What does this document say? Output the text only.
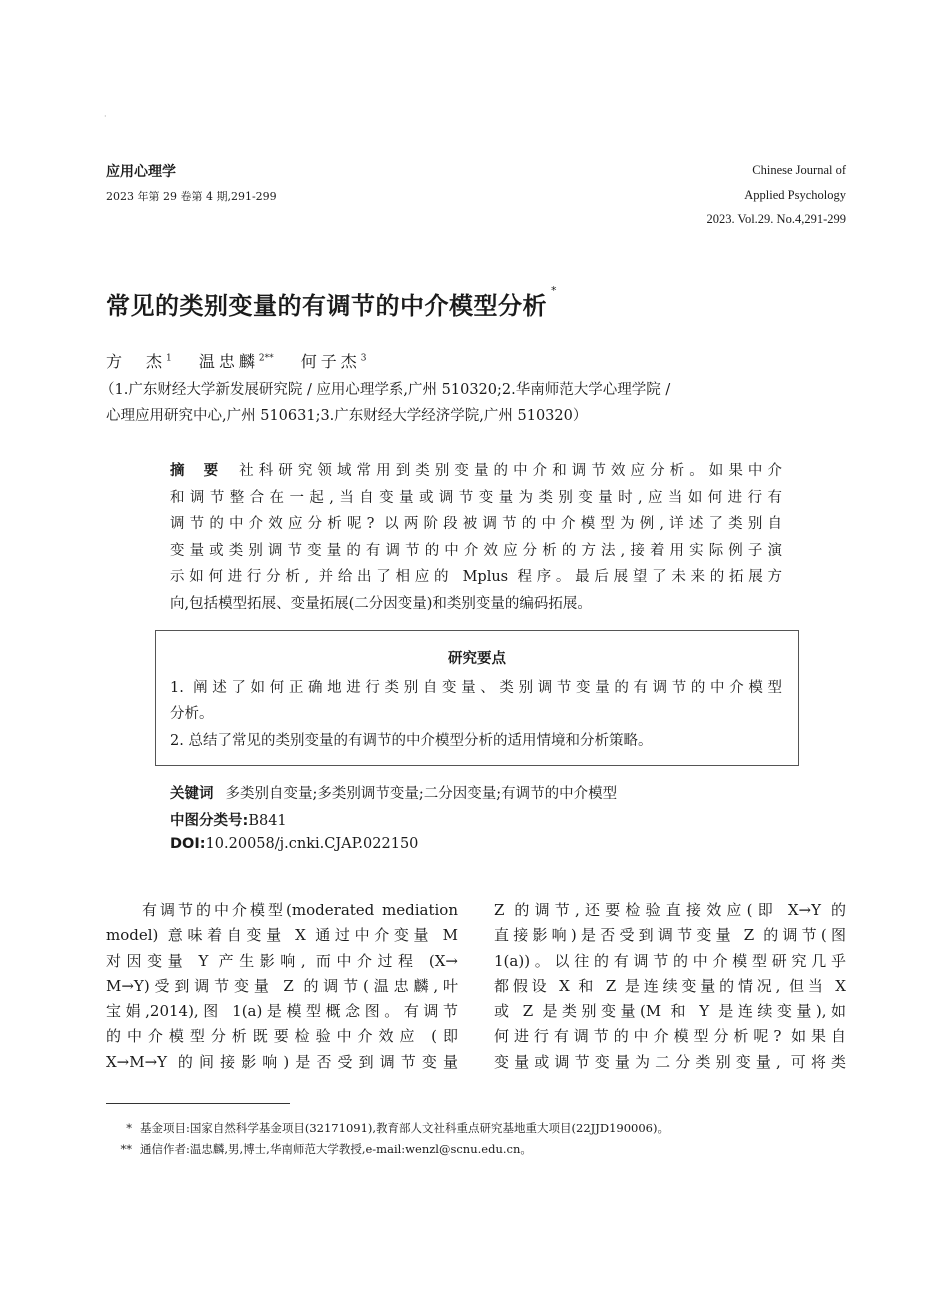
·
应用心理学
2023 年第 29 卷第 4 期,291-299
Chinese Journal of
Applied Psychology
2023. Vol.29. No.4,291-299
常见的类别变量的有调节的中介模型分析*
方　杰$^1$ 温忠麟$^{2**}$ 何子杰$^3$
（1.广东财经大学新发展研究院 / 应用心理学系,广州 510320;2.华南师范大学心理学院 /
心理应用研究中心,广州 510631;3.广东财经大学经济学院,广州 510320）
摘要 社科研究领域常用到类别变量的中介和调节效应分析。如果中介
和调节整合在一起,当自变量或调节变量为类别变量时,应当如何进行有
调节的中介效应分析呢? 以两阶段被调节的中介模型为例,详述了类别自
变量或类别调节变量的有调节的中介效应分析的方法,接着用实际例子演
示如何进行分析, 并给出了相应的 Mplus 程序。最后展望了未来的拓展方
向,包括模型拓展、变量拓展(二分因变量)和类别变量的编码拓展。
研究要点
1. 阐述了如何正确地进行类别自变量、类别调节变量的有调节的中介模型
分析。
2. 总结了常见的类别变量的有调节的中介模型分析的适用情境和分析策略。
关键词 多类别自变量;多类别调节变量;二分因变量;有调节的中介模型
中图分类号:B841
DOI:10.20058/j.cnki.CJAP.022150
　　有调节的中介模型(moderated mediation
model) 意味着自变量 X 通过中介变量 M
对因变量 Y 产生影响, 而中介过程 (X→
M→Y)受到调节变量 Z 的调节(温忠麟,叶
宝娟,2014),图 1(a)是模型概念图。有调节
的中介模型分析既要检验中介效应 (即
X→M→Y 的间接影响)是否受到调节变量
Z 的调节,还要检验直接效应(即 X→Y 的
直接影响)是否受到调节变量 Z 的调节(图
1(a))。以往的有调节的中介模型研究几乎
都假设 X 和 Z 是连续变量的情况, 但当 X
或 Z 是类别变量(M 和 Y 是连续变量),如
何进行有调节的中介模型分析呢? 如果自
变量或调节变量为二分类别变量, 可将类
* 基金项目:国家自然科学基金项目(32171091),教育部人文社科重点研究基地重大项目(22JJD190006)。
** 通信作者:温忠麟,男,博士,华南师范大学教授,e-mail:wenzl@scnu.edu.cn。
